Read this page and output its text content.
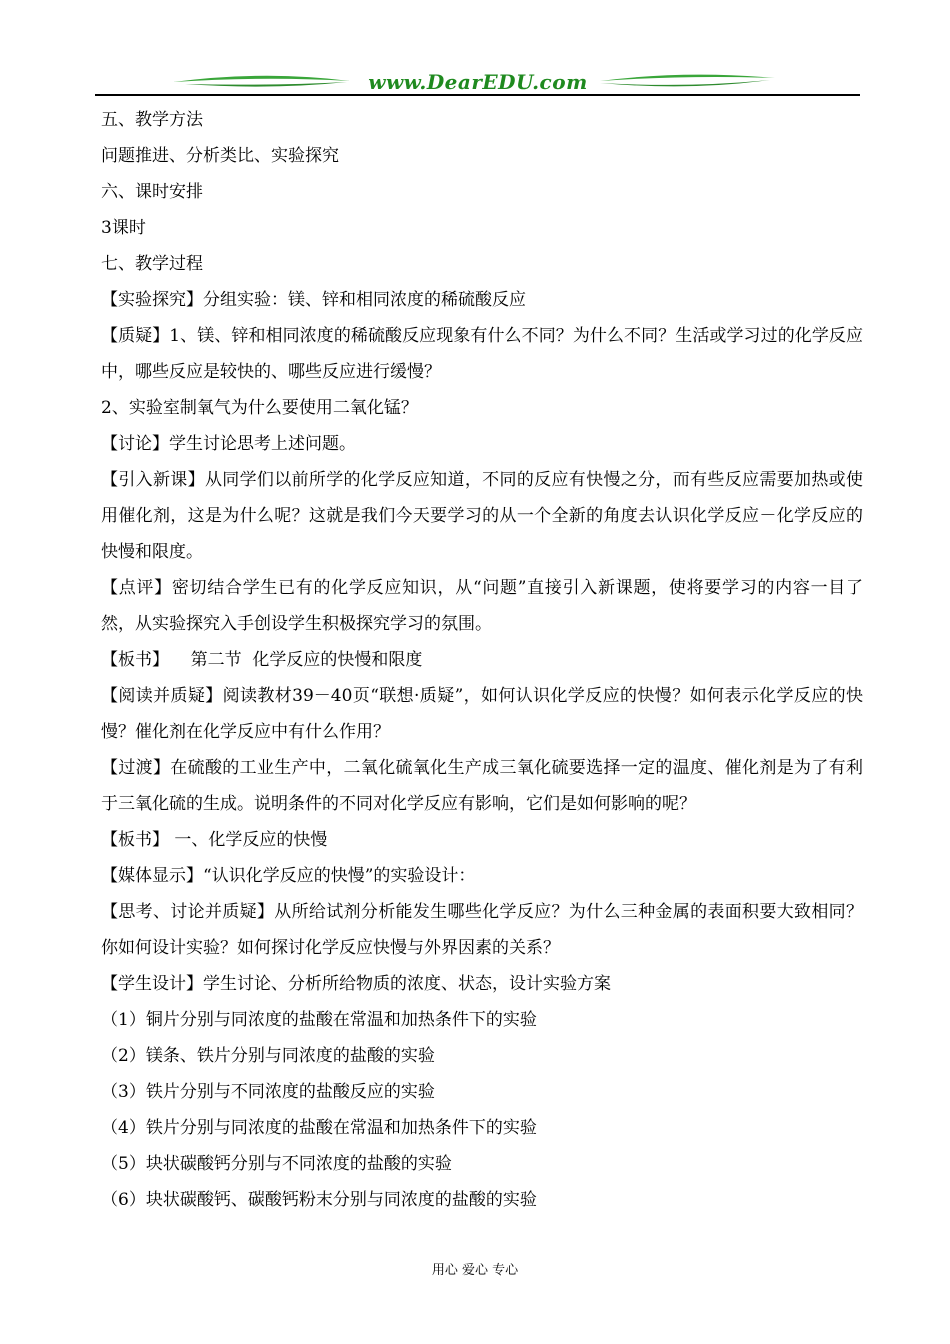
www.DearEDU.com

五、教学方法

问题推进、分析类比、实验探究

六、课时安排

3课时

七、教学过程

【实验探究】分组实验：镁、锌和相同浓度的稀硫酸反应

【质疑】1、镁、锌和相同浓度的稀硫酸反应现象有什么不同？为什么不同？生活或学习过的化学反应中，哪些反应是较快的、哪些反应进行缓慢？

2、实验室制氧气为什么要使用二氧化锰？

【讨论】学生讨论思考上述问题。

【引入新课】从同学们以前所学的化学反应知道，不同的反应有快慢之分，而有些反应需要加热或使用催化剂，这是为什么呢？这就是我们今天要学习的从一个全新的角度去认识化学反应－化学反应的快慢和限度。

【点评】密切结合学生已有的化学反应知识，从“问题”直接引入新课题，使将要学习的内容一目了然，从实验探究入手创设学生积极探究学习的氛围。

【板书】    第二节  化学反应的快慢和限度

【阅读并质疑】阅读教材39－40页“联想·质疑”，如何认识化学反应的快慢？如何表示化学反应的快慢？催化剂在化学反应中有什么作用？

【过渡】在硫酸的工业生产中，二氧化硫氧化生产成三氧化硫要选择一定的温度、催化剂是为了有利于三氧化硫的生成。说明条件的不同对化学反应有影响，它们是如何影响的呢？

【板书】 一、化学反应的快慢

【媒体显示】“认识化学反应的快慢”的实验设计：

【思考、讨论并质疑】从所给试剂分析能发生哪些化学反应？为什么三种金属的表面积要大致相同？你如何设计实验？如何探讨化学反应快慢与外界因素的关系？

【学生设计】学生讨论、分析所给物质的浓度、状态，设计实验方案

（1）铜片分别与同浓度的盐酸在常温和加热条件下的实验

（2）镁条、铁片分别与同浓度的盐酸的实验

（3）铁片分别与不同浓度的盐酸反应的实验

（4）铁片分别与同浓度的盐酸在常温和加热条件下的实验

（5）块状碳酸钙分别与不同浓度的盐酸的实验

（6）块状碳酸钙、碳酸钙粉末分别与同浓度的盐酸的实验

用心 爱心 专心
